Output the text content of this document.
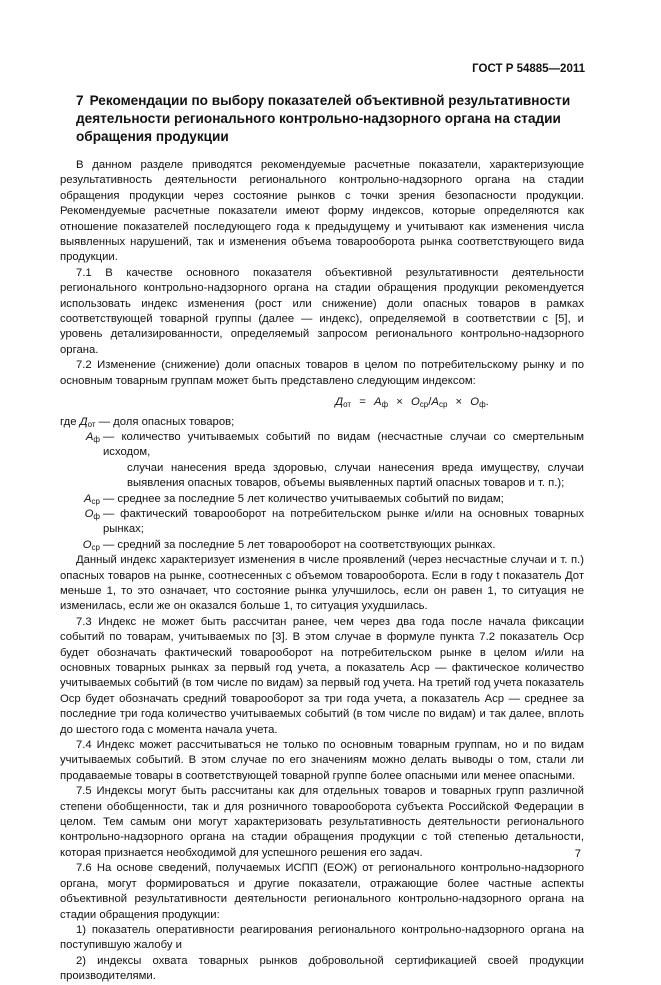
ГОСТ Р 54885—2011
7 Рекомендации по выбору показателей объективной результативности деятельности регионального контрольно-надзорного органа на стадии обращения продукции

В данном разделе приводятся рекомендуемые расчетные показатели, характеризующие результативность деятельности регионального контрольно-надзорного органа на стадии обращения продукции через состояние рынков с точки зрения безопасности продукции. Рекомендуемые расчетные показатели имеют форму индексов, которые определяются как отношение показателей последующего года к предыдущему и учитывают как изменения числа выявленных нарушений, так и изменения объема товарооборота рынка соответствующего вида продукции.

7.1 В качестве основного показателя объективной результативности деятельности регионального контрольно-надзорного органа на стадии обращения продукции рекомендуется использовать индекс изменения (рост или снижение) доли опасных товаров в рамках соответствующей товарной группы (далее — индекс), определяемой в соответствии с [5], и уровень детализированности, определяемый запросом регионального контрольно-надзорного органа.

7.2 Изменение (снижение) доли опасных товаров в целом по потребительскому рынку и по основным товарным группам может быть представлено следующим индексом:

$Д_{от} = А_ф \times О_{ср}/А_{ср} \times О_ф$.
где $Д_{от}$ — доля опасных товаров;
$А_ф$ — количество учитываемых событий по видам (несчастные случаи со смертельным исходом,
случаи нанесения вреда здоровью, случаи нанесения вреда имуществу, случаи выявления опасных товаров, объемы выявленных партий опасных товаров и т. п.);
$А_{ср}$ — среднее за последние 5 лет количество учитываемых событий по видам;
$О_ф$ — фактический товарооборот на потребительском рынке и/или на основных товарных рынках;
$О_{ср}$ — средний за последние 5 лет товарооборот на соответствующих рынках.

Данный индекс характеризует изменения в числе проявлений (через несчастные случаи и т. п.) опасных товаров на рынке, соотнесенных с объемом товарооборота. Если в году t показатель Дот меньше 1, то это означает, что состояние рынка улучшилось, если он равен 1, то ситуация не изменилась, если же он оказался больше 1, то ситуация ухудшилась.

7.3 Индекс не может быть рассчитан ранее, чем через два года после начала фиксации событий по товарам, учитываемых по [3]. В этом случае в формуле пункта 7.2 показатель Оср будет обозначать фактический товарооборот на потребительском рынке в целом и/или на основных товарных рынках за первый год учета, а показатель Аср — фактическое количество учитываемых событий (в том числе по видам) за первый год учета. На третий год учета показатель Оср будет обозначать средний товарооборот за три года учета, а показатель Аср — среднее за последние три года количество учитываемых событий (в том числе по видам) и так далее, вплоть до шестого года с момента начала учета.

7.4 Индекс может рассчитываться не только по основным товарным группам, но и по видам учитываемых событий. В этом случае по его значениям можно делать выводы о том, стали ли продаваемые товары в соответствующей товарной группе более опасными или менее опасными.

7.5 Индексы могут быть рассчитаны как для отдельных товаров и товарных групп различной степени обобщенности, так и для розничного товарооборота субъекта Российской Федерации в целом. Тем самым они могут характеризовать результативность деятельности регионального контрольно-надзорного органа на стадии обращения продукции с той степенью детальности, которая признается необходимой для успешного решения его задач.

7.6 На основе сведений, получаемых ИСПП (ЕОЖ) от регионального контрольно-надзорного органа, могут формироваться и другие показатели, отражающие более частные аспекты объективной результативности деятельности регионального контрольно-надзорного органа на стадии обращения продукции:

1) показатель оперативности реагирования регионального контрольно-надзорного органа на поступившую жалобу и

2) индексы охвата товарных рынков добровольной сертификацией своей продукции производителями.

7
